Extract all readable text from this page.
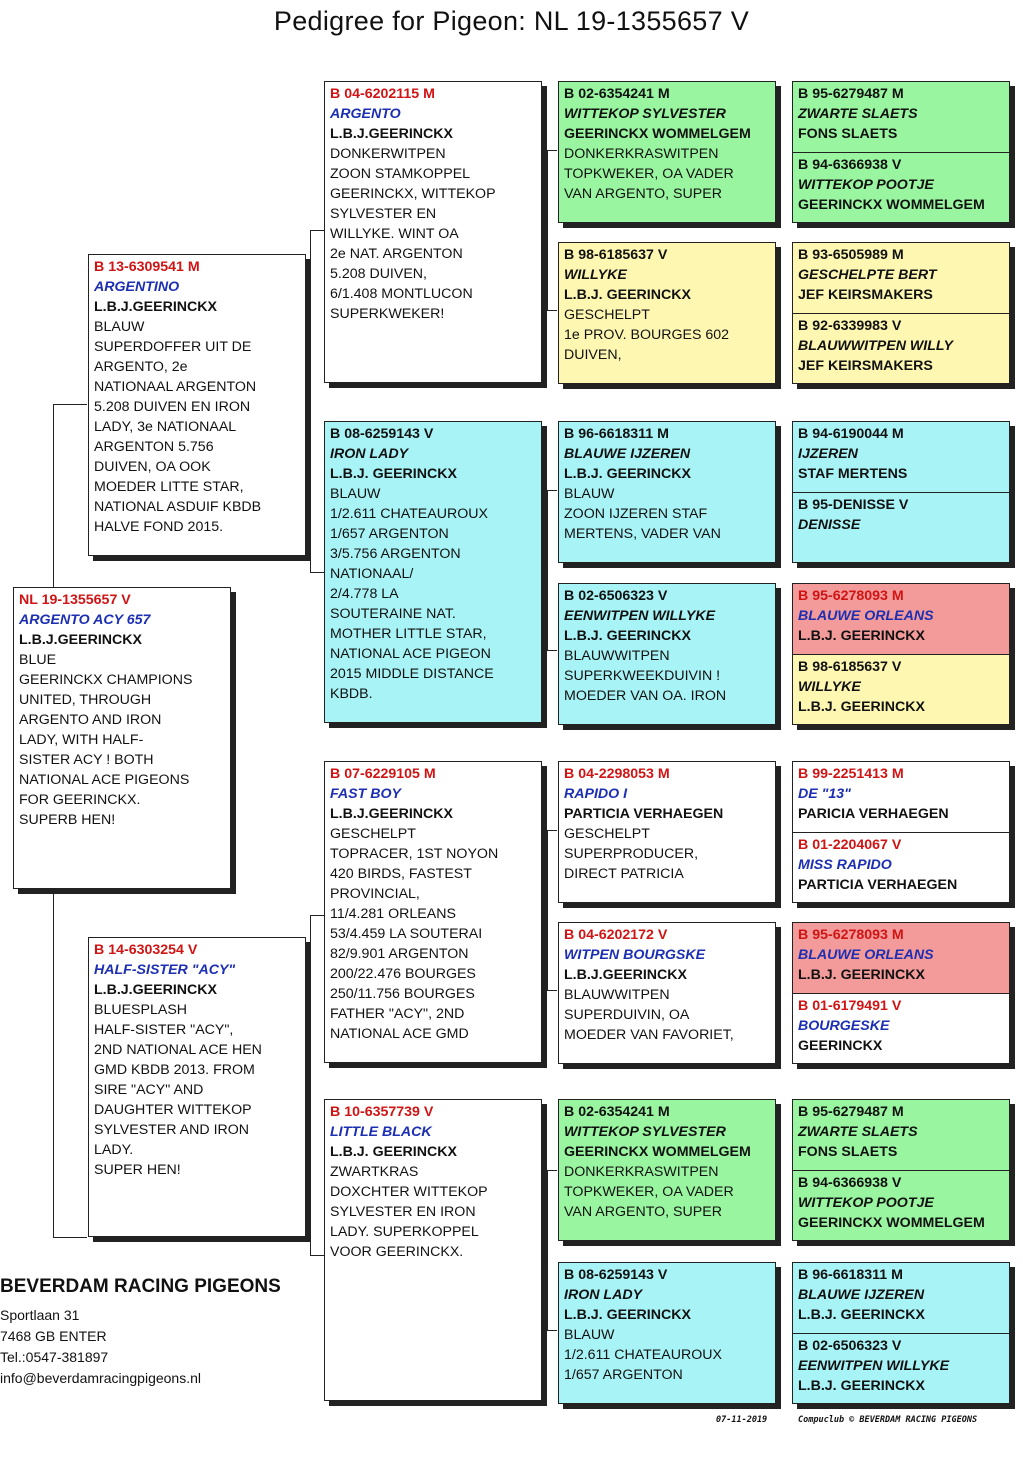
Pedigree for Pigeon: NL 19-1355657 V
NL 19-1355657 V
ARGENTO ACY 657
L.B.J.GEERINCKX
BLUE
GEERINCKX CHAMPIONS
UNITED, THROUGH
ARGENTO AND IRON
LADY, WITH HALF-
SISTER ACY ! BOTH
NATIONAL ACE PIGEONS
FOR GEERINCKX.
SUPERB HEN!
B 13-6309541 M
ARGENTINO
L.B.J.GEERINCKX
BLAUW
SUPERDOFFER UIT DE
ARGENTO, 2e
NATIONAAL ARGENTON
5.208 DUIVEN EN IRON
LADY, 3e NATIONAAL
ARGENTON 5.756
DUIVEN, OA OOK
MOEDER LITTE STAR,
NATIONAL ASDUIF KBDB
HALVE FOND 2015.
B 14-6303254 V
HALF-SISTER "ACY"
L.B.J.GEERINCKX
BLUESPLASH
HALF-SISTER "ACY",
2ND NATIONAL ACE HEN
GMD KBDB 2013. FROM
SIRE "ACY" AND
DAUGHTER WITTEKOP
SYLVESTER AND IRON
LADY.
SUPER HEN!
B 04-6202115 M
ARGENTO
L.B.J.GEERINCKX
DONKERWITPEN
ZOON STAMKOPPEL
GEERINCKX, WITTEKOP
SYLVESTER EN
WILLYKE. WINT OA
2e NAT. ARGENTON
5.208 DUIVEN,
6/1.408 MONTLUCON
SUPERKWEKER!
B 08-6259143 V
IRON LADY
L.B.J. GEERINCKX
BLAUW
1/2.611 CHATEAUROUX
1/657 ARGENTON
3/5.756 ARGENTON
NATIONAAL/
2/4.778 LA
SOUTERAINE NAT.
MOTHER LITTLE STAR,
NATIONAL ACE PIGEON
2015 MIDDLE DISTANCE
KBDB.
B 07-6229105 M
FAST BOY
L.B.J.GEERINCKX
GESCHELPT
TOPRACER, 1ST NOYON
420 BIRDS, FASTEST
PROVINCIAL,
11/4.281 ORLEANS
53/4.459 LA SOUTERAI
82/9.901 ARGENTON
200/22.476 BOURGES
250/11.756 BOURGES
FATHER "ACY", 2ND
NATIONAL ACE GMD
B 10-6357739 V
LITTLE BLACK
L.B.J. GEERINCKX
ZWARTKRAS
DOXCHTER WITTEKOP
SYLVESTER EN IRON
LADY. SUPERKOPPEL
VOOR GEERINCKX.
B 02-6354241 M
WITTEKOP SYLVESTER
GEERINCKX WOMMELGEM
DONKERKRASWITPEN
TOPKWEKER, OA VADER
VAN ARGENTO, SUPER
B 98-6185637 V
WILLYKE
L.B.J. GEERINCKX
GESCHELPT
1e PROV. BOURGES 602
DUIVEN,
B 96-6618311 M
BLAUWE IJZEREN
L.B.J. GEERINCKX
BLAUW
ZOON IJZEREN STAF
MERTENS, VADER VAN
B 02-6506323 V
EENWITPEN WILLYKE
L.B.J. GEERINCKX
BLAUWWITPEN
SUPERKWEEKDUIVIN !
MOEDER VAN OA. IRON
B 04-2298053 M
RAPIDO I
PARTICIA VERHAEGEN
GESCHELPT
SUPERPRODUCER,
DIRECT PATRICIA
B 04-6202172 V
WITPEN BOURGSKE
L.B.J.GEERINCKX
BLAUWWITPEN
SUPERDUIVIN, OA
MOEDER VAN FAVORIET,
B 02-6354241 M
WITTEKOP SYLVESTER
GEERINCKX WOMMELGEM
DONKERKRASWITPEN
TOPKWEKER, OA VADER
VAN ARGENTO, SUPER
B 08-6259143 V
IRON LADY
L.B.J. GEERINCKX
BLAUW
1/2.611 CHATEAUROUX
1/657 ARGENTON
B 95-6279487 M
ZWARTE SLAETS
FONS SLAETS
B 94-6366938 V
WITTEKOP POOTJE
GEERINCKX WOMMELGEM
B 93-6505989 M
GESCHELPTE BERT
JEF KEIRSMAKERS
B 92-6339983 V
BLAUWWITPEN WILLY
JEF KEIRSMAKERS
B 94-6190044 M
IJZEREN
STAF MERTENS
B 95-DENISSE V
DENISSE
B 95-6278093 M
BLAUWE ORLEANS
L.B.J. GEERINCKX
B 98-6185637 V
WILLYKE
L.B.J. GEERINCKX
B 99-2251413 M
DE "13"
PARICIA VERHAEGEN
B 01-2204067 V
MISS RAPIDO
PARTICIA VERHAEGEN
B 95-6278093 M
BLAUWE ORLEANS
L.B.J. GEERINCKX
B 01-6179491 V
BOURGESKE
GEERINCKX
B 95-6279487 M
ZWARTE SLAETS
FONS SLAETS
B 94-6366938 V
WITTEKOP POOTJE
GEERINCKX WOMMELGEM
B 96-6618311 M
BLAUWE IJZEREN
L.B.J. GEERINCKX
B 02-6506323 V
EENWITPEN WILLYKE
L.B.J. GEERINCKX
BEVERDAM RACING PIGEONS
Sportlaan 31
7468 GB ENTER
Tel.:0547-381897
info@beverdamracingpigeons.nl
07-11-2019	Compuclub © BEVERDAM RACING PIGEONS
